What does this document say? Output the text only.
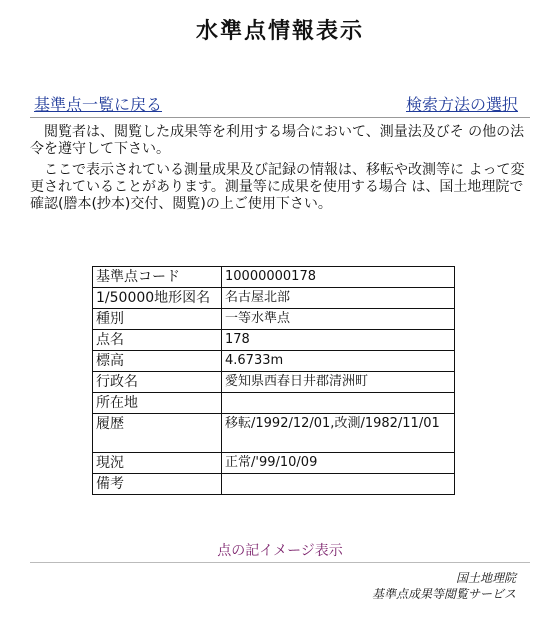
水準点情報表示
基準点一覧に戻る	検索方法の選択

閲覧者は、閲覧した成果等を利用する場合において、測量法及びそ の他の法令を遵守して下さい。

ここで表示されている測量成果及び記録の情報は、移転や改測等に よって変更されていることがあります。測量等に成果を使用する場合 は、国土地理院で確認(謄本(抄本)交付、閲覧)の上ご使用下さい。

基準点コード	10000000178
1/50000地形図名	名古屋北部
種別	一等水準点
点名	178
標高	4.6733m
行政名	愛知県西春日井郡清洲町
所在地	
履歴	移転/1992/12/01,改測/1982/11/01
現況	正常/'99/10/09
備考	
点の記イメージ表示
国土地理院
基準点成果等閲覧サービス
